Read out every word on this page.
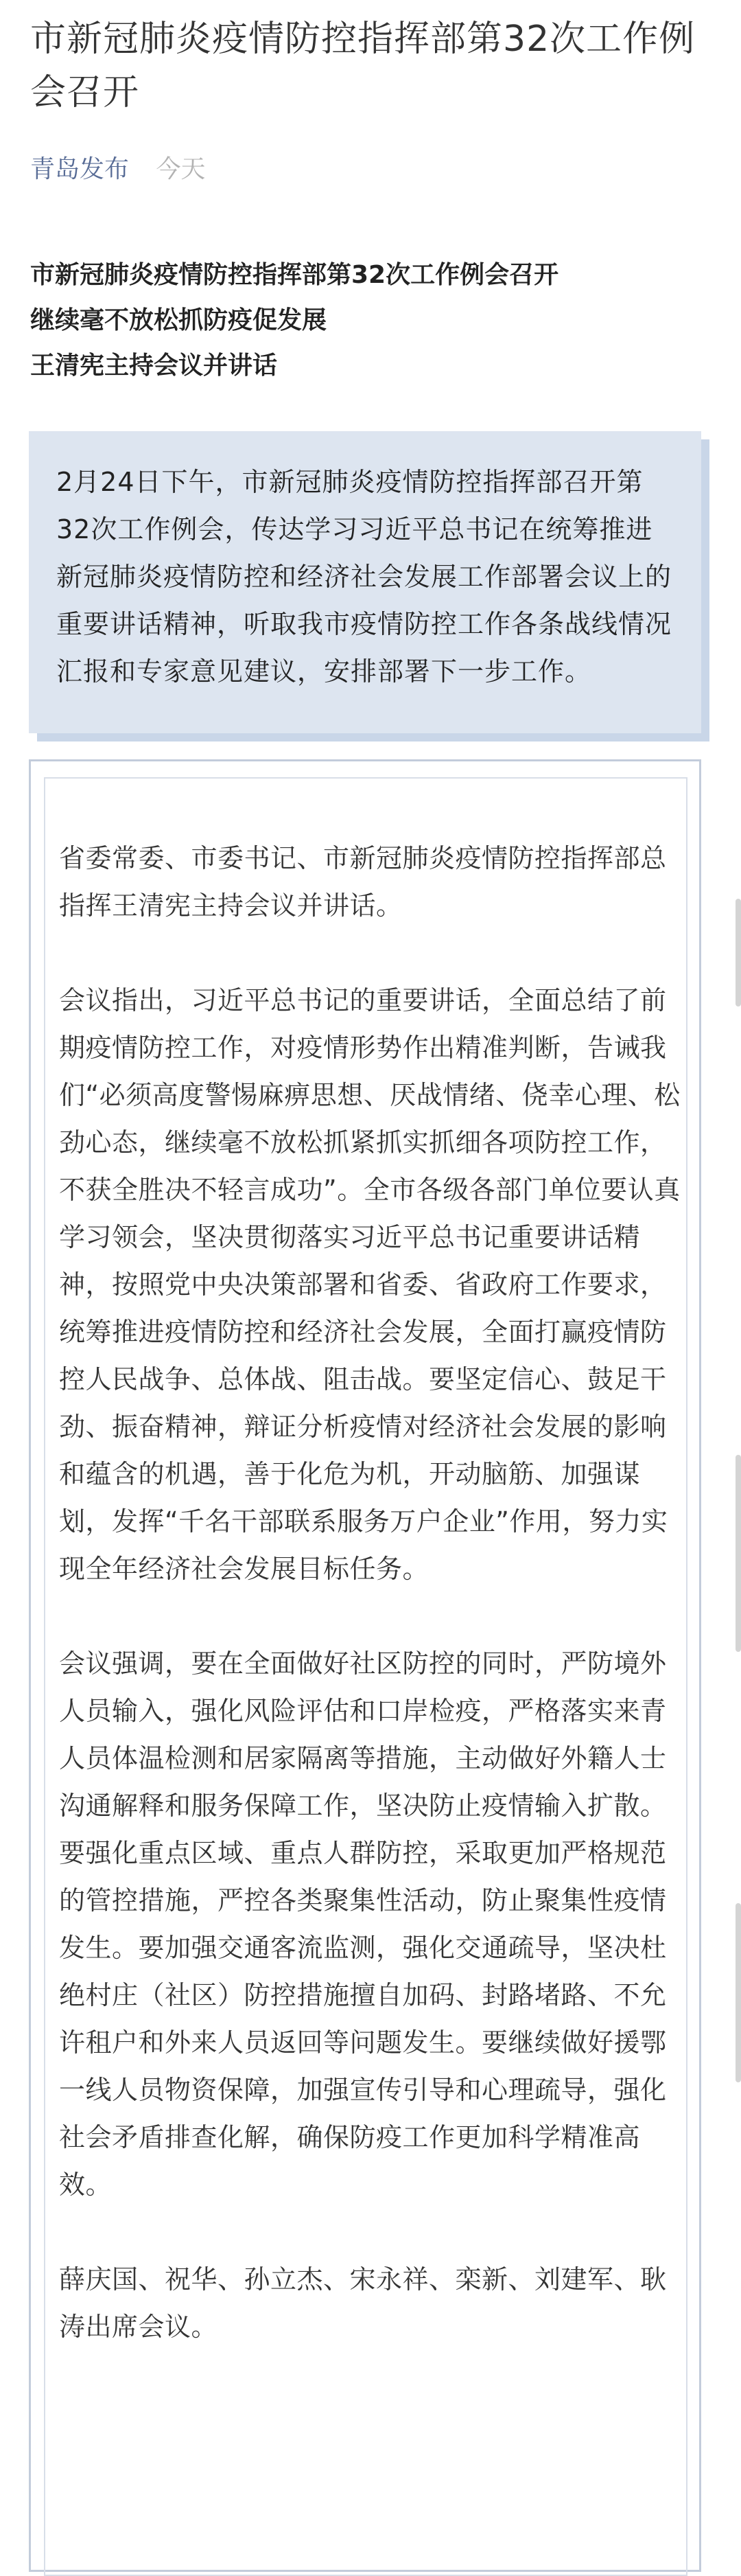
市新冠肺炎疫情防控指挥部第32次工作例会召开
青岛发布 今天
市新冠肺炎疫情防控指挥部第32次工作例会召开
继续毫不放松抓防疫促发展
王清宪主持会议并讲话
2月24日下午，市新冠肺炎疫情防控指挥部召开第32次工作例会，传达学习习近平总书记在统筹推进新冠肺炎疫情防控和经济社会发展工作部署会议上的重要讲话精神，听取我市疫情防控工作各条战线情况汇报和专家意见建议，安排部署下一步工作。

省委常委、市委书记、市新冠肺炎疫情防控指挥部总指挥王清宪主持会议并讲话。

会议指出，习近平总书记的重要讲话，全面总结了前期疫情防控工作，对疫情形势作出精准判断，告诫我们“必须高度警惕麻痹思想、厌战情绪、侥幸心理、松劲心态，继续毫不放松抓紧抓实抓细各项防控工作，不获全胜决不轻言成功”。全市各级各部门单位要认真学习领会，坚决贯彻落实习近平总书记重要讲话精神，按照党中央决策部署和省委、省政府工作要求，统筹推进疫情防控和经济社会发展，全面打赢疫情防控人民战争、总体战、阻击战。要坚定信心、鼓足干劲、振奋精神，辩证分析疫情对经济社会发展的影响和蕴含的机遇，善于化危为机，开动脑筋、加强谋划，发挥“千名干部联系服务万户企业”作用，努力实现全年经济社会发展目标任务。

会议强调，要在全面做好社区防控的同时，严防境外人员输入，强化风险评估和口岸检疫，严格落实来青人员体温检测和居家隔离等措施，主动做好外籍人士沟通解释和服务保障工作，坚决防止疫情输入扩散。要强化重点区域、重点人群防控，采取更加严格规范的管控措施，严控各类聚集性活动，防止聚集性疫情发生。要加强交通客流监测，强化交通疏导，坚决杜绝村庄（社区）防控措施擅自加码、封路堵路、不允许租户和外来人员返回等问题发生。要继续做好援鄂一线人员物资保障，加强宣传引导和心理疏导，强化社会矛盾排查化解，确保防疫工作更加科学精准高效。

薛庆国、祝华、孙立杰、宋永祥、栾新、刘建军、耿涛出席会议。
